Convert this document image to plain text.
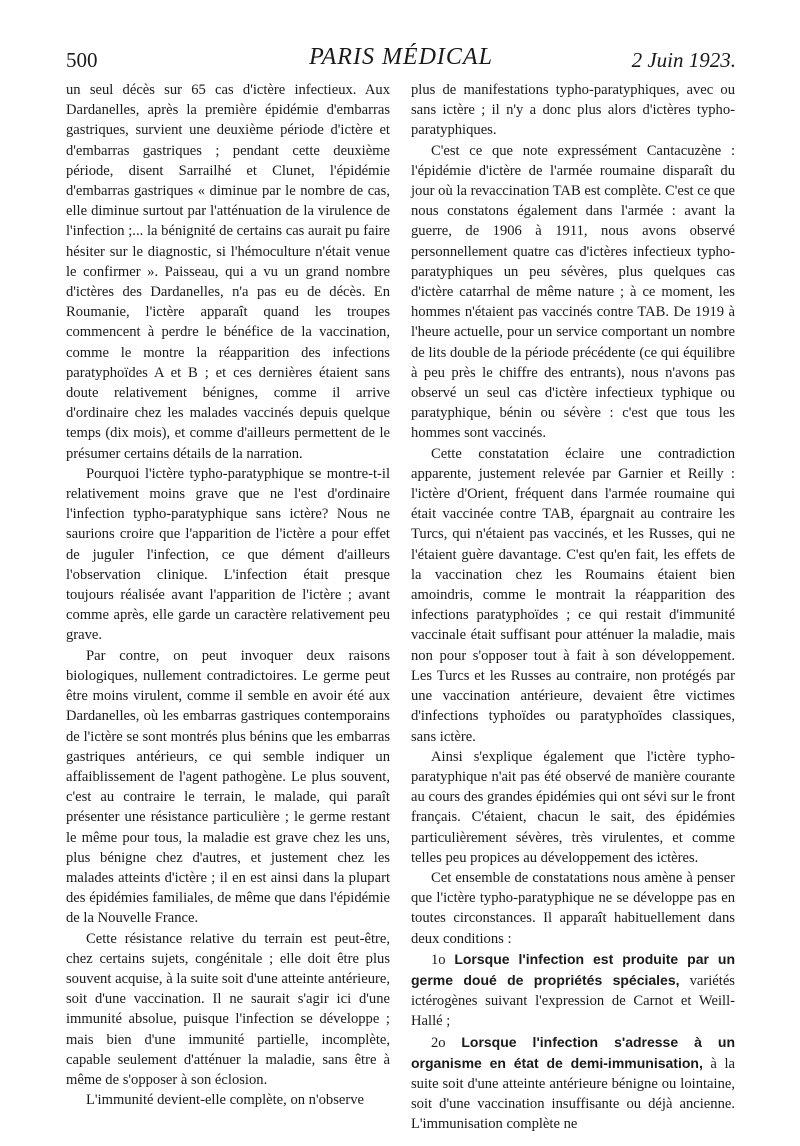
500	PARIS MÉDICAL	2 Juin 1923.

un seul décès sur 65 cas d'ictère infectieux. Aux Dardanelles, après la première épidémie d'embarras gastriques, survient une deuxième période d'ictère et d'embarras gastriques ; pendant cette deuxième période, disent Sarrailhé et Clunet, l'épidémie d'embarras gastriques « diminue par le nombre de cas, elle diminue surtout par l'atténuation de la virulence de l'infection ;... la bénignité de certains cas aurait pu faire hésiter sur le diagnostic, si l'hémoculture n'était venue le confirmer ». Paisseau, qui a vu un grand nombre d'ictères des Dardanelles, n'a pas eu de décès. En Roumanie, l'ictère apparaît quand les troupes commencent à perdre le bénéfice de la vaccination, comme le montre la réapparition des infections paratyphoïdes A et B ; et ces dernières étaient sans doute relativement bénignes, comme il arrive d'ordinaire chez les malades vaccinés depuis quelque temps (dix mois), et comme d'ailleurs permettent de le présumer certains détails de la narration.

Pourquoi l'ictère typho-paratyphique se montre-t-il relativement moins grave que ne l'est d'ordinaire l'infection typho-paratyphique sans ictère? Nous ne saurions croire que l'apparition de l'ictère a pour effet de juguler l'infection, ce que dément d'ailleurs l'observation clinique. L'infection était presque toujours réalisée avant l'apparition de l'ictère ; avant comme après, elle garde un caractère relativement peu grave.

Par contre, on peut invoquer deux raisons biologiques, nullement contradictoires. Le germe peut être moins virulent, comme il semble en avoir été aux Dardanelles, où les embarras gastriques contemporains de l'ictère se sont montrés plus bénins que les embarras gastriques antérieurs, ce qui semble indiquer un affaiblissement de l'agent pathogène. Le plus souvent, c'est au contraire le terrain, le malade, qui paraît présenter une résistance particulière ; le germe restant le même pour tous, la maladie est grave chez les uns, plus bénigne chez d'autres, et justement chez les malades atteints d'ictère ; il en est ainsi dans la plupart des épidémies familiales, de même que dans l'épidémie de la Nouvelle France.

Cette résistance relative du terrain est peut-être, chez certains sujets, congénitale ; elle doit être plus souvent acquise, à la suite soit d'une atteinte antérieure, soit d'une vaccination. Il ne saurait s'agir ici d'une immunité absolue, puisque l'infection se développe ; mais bien d'une immunité partielle, incomplète, capable seulement d'atténuer la maladie, sans être à même de s'opposer à son éclosion.

L'immunité devient-elle complète, on n'observe

plus de manifestations typho-paratyphiques, avec ou sans ictère ; il n'y a donc plus alors d'ictères typho-paratyphiques.

C'est ce que note expressément Cantacuzène : l'épidémie d'ictère de l'armée roumaine disparaît du jour où la revaccination TAB est complète. C'est ce que nous constatons également dans l'armée : avant la guerre, de 1906 à 1911, nous avons observé personnellement quatre cas d'ictères infectieux typho-paratyphiques un peu sévères, plus quelques cas d'ictère catarrhal de même nature ; à ce moment, les hommes n'étaient pas vaccinés contre TAB. De 1919 à l'heure actuelle, pour un service comportant un nombre de lits double de la période précédente (ce qui équilibre à peu près le chiffre des entrants), nous n'avons pas observé un seul cas d'ictère infectieux typhique ou paratyphique, bénin ou sévère : c'est que tous les hommes sont vaccinés.

Cette constatation éclaire une contradiction apparente, justement relevée par Garnier et Reilly : l'ictère d'Orient, fréquent dans l'armée roumaine qui était vaccinée contre TAB, épargnait au contraire les Turcs, qui n'étaient pas vaccinés, et les Russes, qui ne l'étaient guère davantage. C'est qu'en fait, les effets de la vaccination chez les Roumains étaient bien amoindris, comme le montrait la réapparition des infections paratyphoïdes ; ce qui restait d'immunité vaccinale était suffisant pour atténuer la maladie, mais non pour s'opposer tout à fait à son développement. Les Turcs et les Russes au contraire, non protégés par une vaccination antérieure, devaient être victimes d'infections typhoïdes ou paratyphoïdes classiques, sans ictère.

Ainsi s'explique également que l'ictère typho-paratyphique n'ait pas été observé de manière courante au cours des grandes épidémies qui ont sévi sur le front français. C'étaient, chacun le sait, des épidémies particulièrement sévères, très virulentes, et comme telles peu propices au développement des ictères.

Cet ensemble de constatations nous amène à penser que l'ictère typho-paratyphique ne se développe pas en toutes circonstances. Il apparaît habituellement dans deux conditions :

1o Lorsque l'infection est produite par un germe doué de propriétés spéciales, variétés ictérogènes suivant l'expression de Carnot et Weill-Hallé ;

2o Lorsque l'infection s'adresse à un organisme en état de demi-immunisation, à la suite soit d'une atteinte antérieure bénigne ou lointaine, soit d'une vaccination insuffisante ou déjà ancienne. L'immunisation complète ne
